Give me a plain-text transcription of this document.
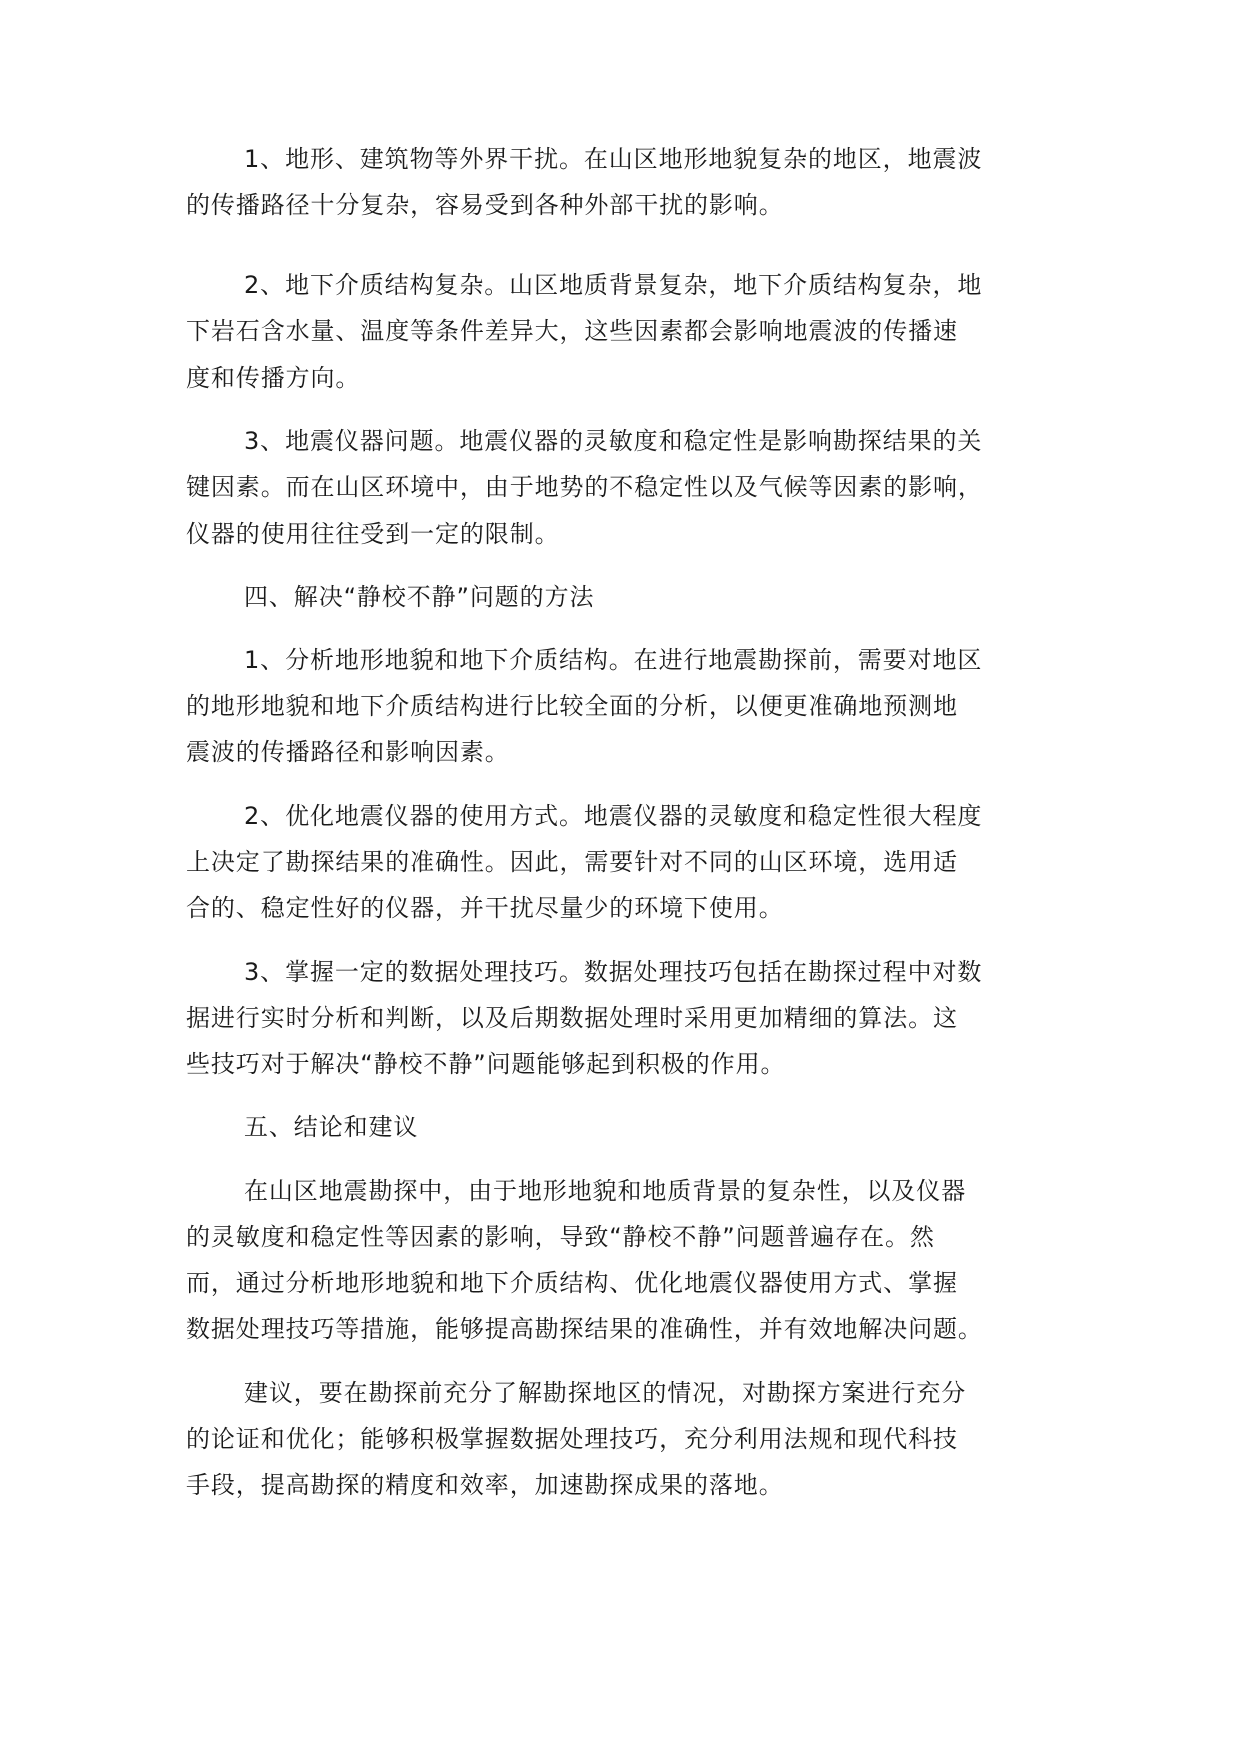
1、地形、建筑物等外界干扰。在山区地形地貌复杂的地区，地震波
的传播路径十分复杂，容易受到各种外部干扰的影响。
2、地下介质结构复杂。山区地质背景复杂，地下介质结构复杂，地
下岩石含水量、温度等条件差异大，这些因素都会影响地震波的传播速
度和传播方向。
3、地震仪器问题。地震仪器的灵敏度和稳定性是影响勘探结果的关
键因素。而在山区环境中，由于地势的不稳定性以及气候等因素的影响，
仪器的使用往往受到一定的限制。
四、解决“静校不静”问题的方法
1、分析地形地貌和地下介质结构。在进行地震勘探前，需要对地区
的地形地貌和地下介质结构进行比较全面的分析，以便更准确地预测地
震波的传播路径和影响因素。
2、优化地震仪器的使用方式。地震仪器的灵敏度和稳定性很大程度
上决定了勘探结果的准确性。因此，需要针对不同的山区环境，选用适
合的、稳定性好的仪器，并干扰尽量少的环境下使用。
3、掌握一定的数据处理技巧。数据处理技巧包括在勘探过程中对数
据进行实时分析和判断，以及后期数据处理时采用更加精细的算法。这
些技巧对于解决“静校不静”问题能够起到积极的作用。
五、结论和建议
在山区地震勘探中，由于地形地貌和地质背景的复杂性，以及仪器
的灵敏度和稳定性等因素的影响，导致“静校不静”问题普遍存在。然
而，通过分析地形地貌和地下介质结构、优化地震仪器使用方式、掌握
数据处理技巧等措施，能够提高勘探结果的准确性，并有效地解决问题。
建议，要在勘探前充分了解勘探地区的情况，对勘探方案进行充分
的论证和优化；能够积极掌握数据处理技巧，充分利用法规和现代科技
手段，提高勘探的精度和效率，加速勘探成果的落地。
